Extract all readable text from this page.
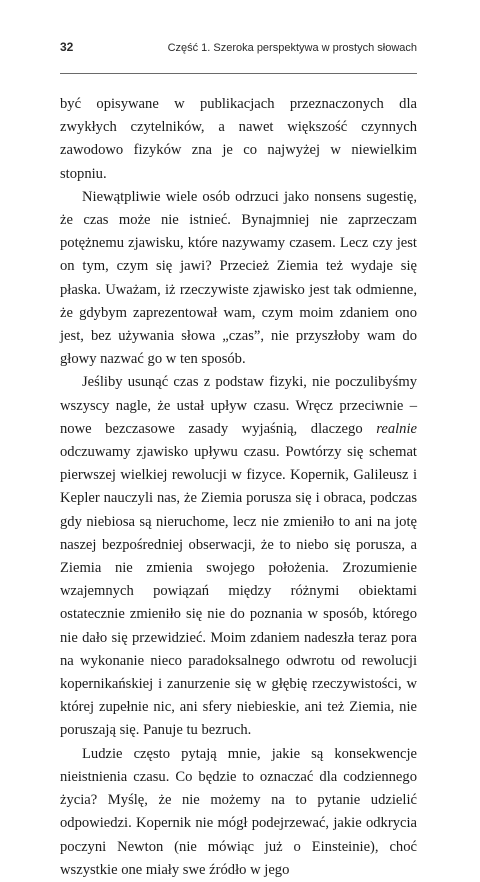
32	Część 1. Szeroka perspektywa w prostych słowach

być opisywane w publikacjach przeznaczonych dla zwykłych czytelników, a nawet większość czynnych zawodowo fizyków zna je co najwyżej w niewielkim stopniu.

Niewątpliwie wiele osób odrzuci jako nonsens sugestię, że czas może nie istnieć. Bynajmniej nie zaprzeczam potężnemu zjawisku, które nazywamy czasem. Lecz czy jest on tym, czym się jawi? Przecież Ziemia też wydaje się płaska. Uważam, iż rzeczywiste zjawisko jest tak odmienne, że gdybym zaprezentował wam, czym moim zdaniem ono jest, bez używania słowa „czas”, nie przyszłoby wam do głowy nazwać go w ten sposób.

Jeśliby usunąć czas z podstaw fizyki, nie poczulibyśmy wszyscy nagle, że ustał upływ czasu. Wręcz przeciwnie – nowe bezczasowe zasady wyjaśnią, dlaczego realnie odczuwamy zjawisko upływu czasu. Powtórzy się schemat pierwszej wielkiej rewolucji w fizyce. Kopernik, Galileusz i Kepler nauczyli nas, że Ziemia porusza się i obraca, podczas gdy niebiosa są nieruchome, lecz nie zmieniło to ani na jotę naszej bezpośredniej obserwacji, że to niebo się porusza, a Ziemia nie zmienia swojego położenia. Zrozumienie wzajemnych powiązań między różnymi obiektami ostatecznie zmieniło się nie do poznania w sposób, którego nie dało się przewidzieć. Moim zdaniem nadeszła teraz pora na wykonanie nieco paradoksalnego odwrotu od rewolucji kopernikańskiej i zanurzenie się w głębię rzeczywistości, w której zupełnie nic, ani sfery niebieskie, ani też Ziemia, nie poruszają się. Panuje tu bezruch.

Ludzie często pytają mnie, jakie są konsekwencje nieistnienia czasu. Co będzie to oznaczać dla codziennego życia? Myślę, że nie możemy na to pytanie udzielić odpowiedzi. Kopernik nie mógł podejrzewać, jakie odkrycia poczyni Newton (nie mówiąc już o Einsteinie), choć wszystkie one miały swe źródło w jego
